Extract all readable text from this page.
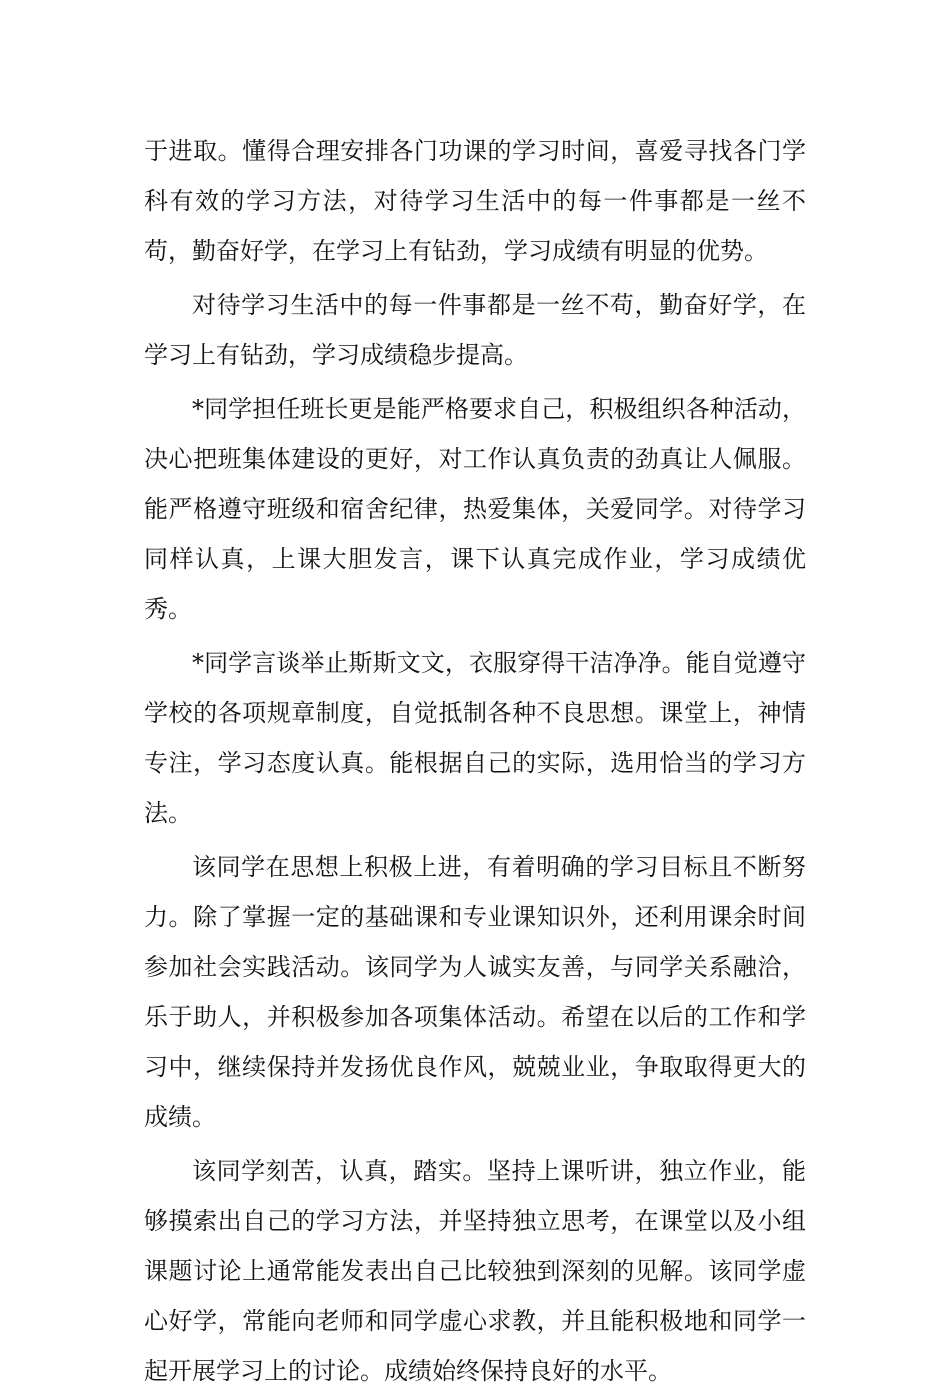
于进取。懂得合理安排各门功课的学习时间，喜爱寻找各门学科有效的学习方法，对待学习生活中的每一件事都是一丝不苟，勤奋好学，在学习上有钻劲，学习成绩有明显的优势。

对待学习生活中的每一件事都是一丝不苟，勤奋好学，在学习上有钻劲，学习成绩稳步提高。

*同学担任班长更是能严格要求自己，积极组织各种活动，决心把班集体建设的更好，对工作认真负责的劲真让人佩服。能严格遵守班级和宿舍纪律，热爱集体，关爱同学。对待学习同样认真，上课大胆发言，课下认真完成作业，学习成绩优秀。

*同学言谈举止斯斯文文，衣服穿得干洁净净。能自觉遵守学校的各项规章制度，自觉抵制各种不良思想。课堂上，神情专注，学习态度认真。能根据自己的实际，选用恰当的学习方法。

该同学在思想上积极上进，有着明确的学习目标且不断努力。除了掌握一定的基础课和专业课知识外，还利用课余时间参加社会实践活动。该同学为人诚实友善，与同学关系融洽，乐于助人，并积极参加各项集体活动。希望在以后的工作和学习中，继续保持并发扬优良作风，兢兢业业，争取取得更大的成绩。

该同学刻苦，认真，踏实。坚持上课听讲，独立作业，能够摸索出自己的学习方法，并坚持独立思考，在课堂以及小组课题讨论上通常能发表出自己比较独到深刻的见解。该同学虚心好学，常能向老师和同学虚心求教，并且能积极地和同学一起开展学习上的讨论。成绩始终保持良好的水平。
